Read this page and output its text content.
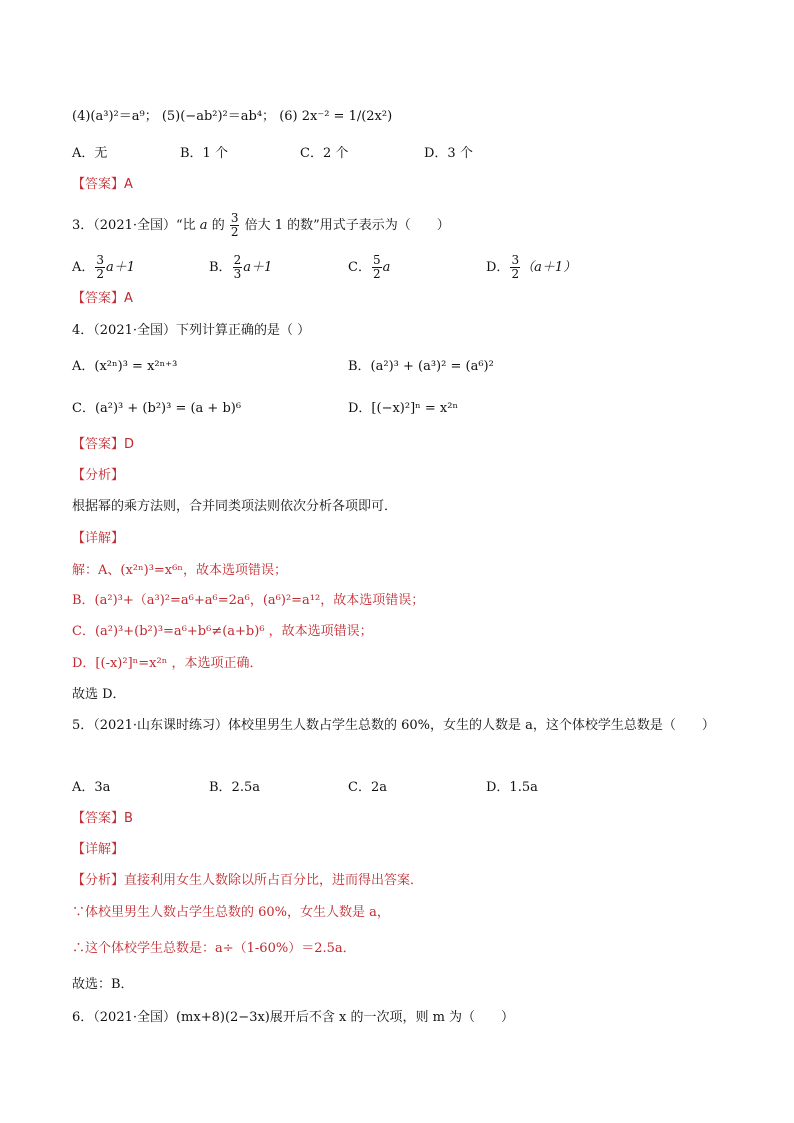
(4)(a³)²＝a⁹； (5)(−ab²)²＝ab⁴； (6) 2x⁻² = 1/(2x²)
A．无	B．1 个	C．2 个	D．3 个
【答案】A
3．（2021·全国）“比 a 的 $\frac{3}{2}$ 倍大 1 的数”用式子表示为（　　）
A． $\frac{3}{2} a+1$	B． $\frac{2}{3} a+1$	C． $\frac{5}{2}$ a	D． $\frac{3}{2} (a+1)$
【答案】A
4．（2021·全国）下列计算正确的是（ ）
A．(x²ⁿ)³ = x²ⁿ⁺³	B．(a²)³ + (a³)² = (a⁶)²
C．(a²)³ + (b²)³ = (a + b)⁶	D．[(−x)²]ⁿ = x²ⁿ
【答案】D
【分析】
根据幂的乘方法则，合并同类项法则依次分析各项即可．
【详解】
解：A、(x²ⁿ)³=x⁶ⁿ，故本选项错误；
B．(a²)³+（a³)²=a⁶+a⁶=2a⁶，(a⁶)²=a¹²，故本选项错误；
C．(a²)³+(b²)³=a⁶+b⁶≠(a+b)⁶ ，故本选项错误；
D．[(-x)²]ⁿ=x²ⁿ ，本选项正确．
故选 D．
5．（2021·山东课时练习）体校里男生人数占学生总数的 60%，女生的人数是 a，这个体校学生总数是（　　）
A．3a	B．2.5a	C．2a	D．1.5a
【答案】B
【详解】
【分析】直接利用女生人数除以所占百分比，进而得出答案．
∵体校里男生人数占学生总数的 60%，女生人数是 a，
∴这个体校学生总数是：a÷（1-60%）＝2.5a．
故选：B．
6．（2021·全国）(mx+8)(2−3x)展开后不含 x 的一次项，则 m 为（　　）
